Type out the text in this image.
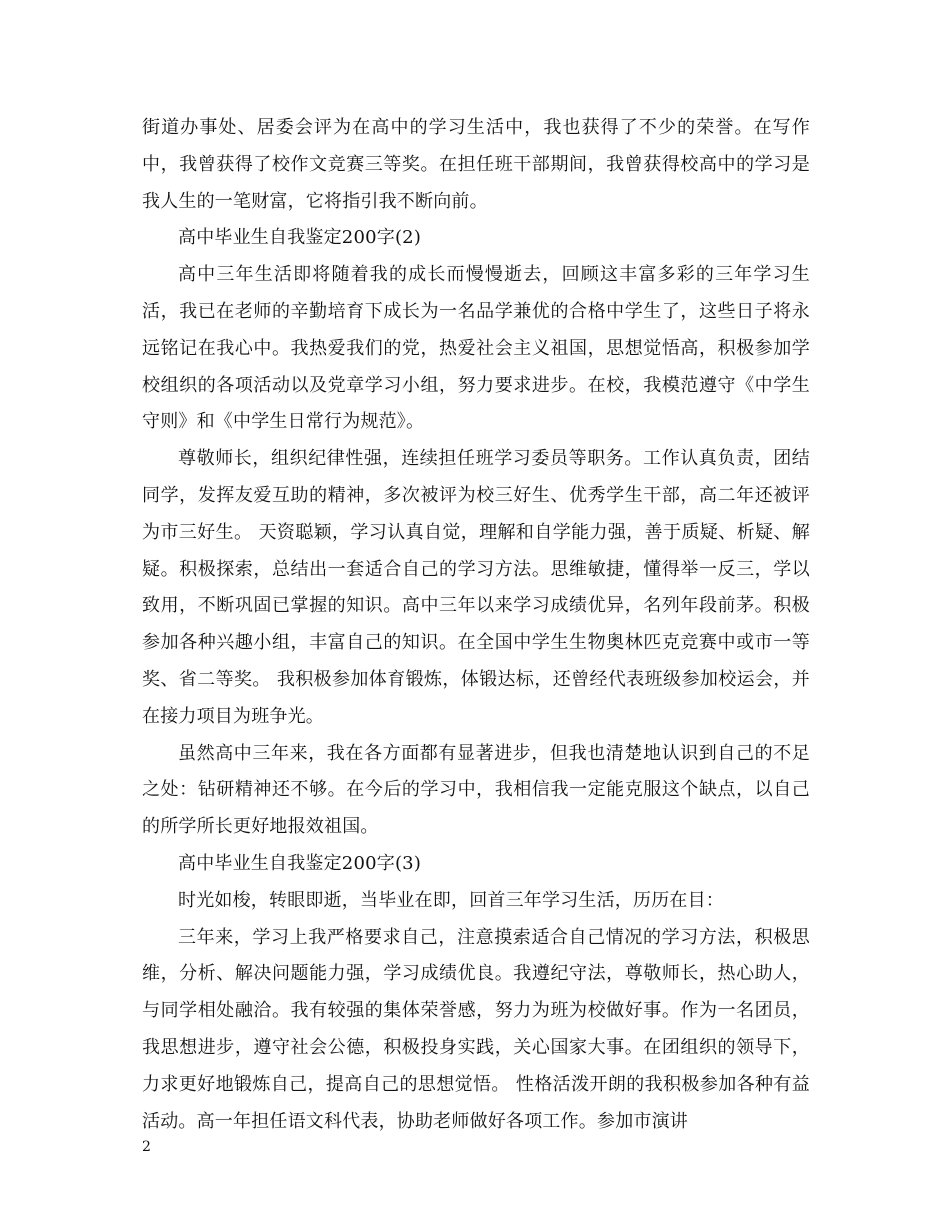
街道办事处、居委会评为在高中的学习生活中，我也获得了不少的荣誉。在写作中，我曾获得了校作文竞赛三等奖。在担任班干部期间，我曾获得校高中的学习是我人生的一笔财富，它将指引我不断向前。

高中毕业生自我鉴定200字(2)

高中三年生活即将随着我的成长而慢慢逝去，回顾这丰富多彩的三年学习生活，我已在老师的辛勤培育下成长为一名品学兼优的合格中学生了，这些日子将永远铭记在我心中。我热爱我们的党，热爱社会主义祖国，思想觉悟高，积极参加学校组织的各项活动以及党章学习小组，努力要求进步。在校，我模范遵守《中学生守则》和《中学生日常行为规范》。

尊敬师长，组织纪律性强，连续担任班学习委员等职务。工作认真负责，团结同学，发挥友爱互助的精神，多次被评为校三好生、优秀学生干部，高二年还被评为市三好生。 天资聪颖，学习认真自觉，理解和自学能力强，善于质疑、析疑、解疑。积极探索，总结出一套适合自己的学习方法。思维敏捷，懂得举一反三，学以致用，不断巩固已掌握的知识。高中三年以来学习成绩优异，名列年段前茅。积极参加各种兴趣小组，丰富自己的知识。在全国中学生生物奥林匹克竞赛中或市一等奖、省二等奖。 我积极参加体育锻炼，体锻达标，还曾经代表班级参加校运会，并在接力项目为班争光。

虽然高中三年来，我在各方面都有显著进步，但我也清楚地认识到自己的不足之处：钻研精神还不够。在今后的学习中，我相信我一定能克服这个缺点，以自己的所学所长更好地报效祖国。

高中毕业生自我鉴定200字(3)

时光如梭，转眼即逝，当毕业在即，回首三年学习生活，历历在目：

三年来，学习上我严格要求自己，注意摸索适合自己情况的学习方法，积极思维，分析、解决问题能力强，学习成绩优良。我遵纪守法，尊敬师长，热心助人，与同学相处融洽。我有较强的集体荣誉感，努力为班为校做好事。作为一名团员，我思想进步，遵守社会公德，积极投身实践，关心国家大事。在团组织的领导下，力求更好地锻炼自己，提高自己的思想觉悟。 性格活泼开朗的我积极参加各种有益活动。高一年担任语文科代表，协助老师做好各项工作。参加市演讲

2
